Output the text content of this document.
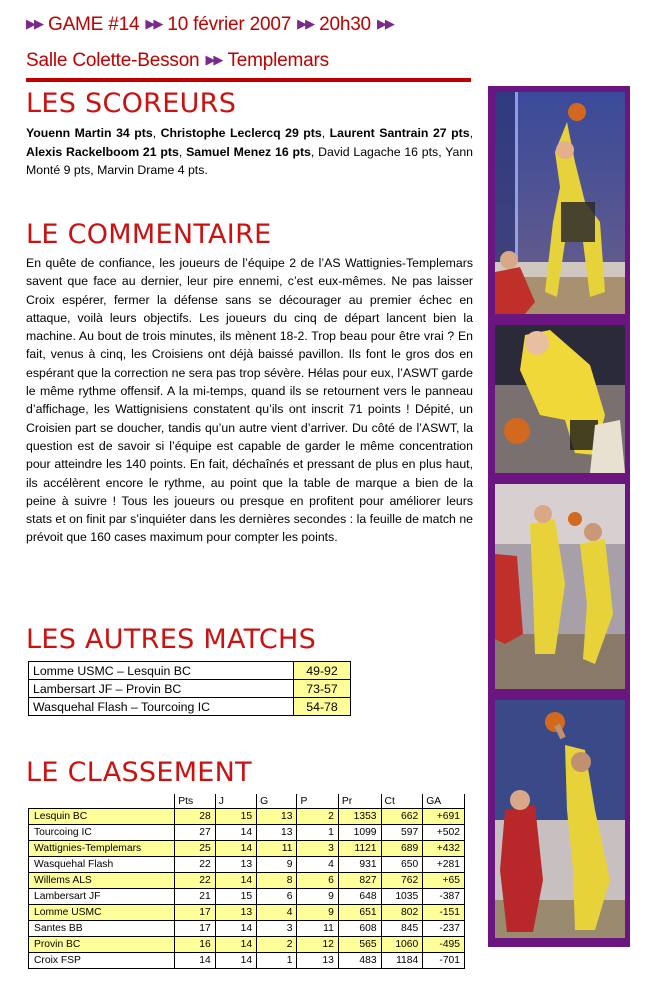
▶▶ GAME #14 ▶▶ 10 février 2007 ▶▶ 20h30 ▶▶
Salle Colette-Besson ▶▶ Templemars
LES SCOREURS
Youenn Martin 34 pts, Christophe Leclercq 29 pts, Laurent Santrain 27 pts, Alexis Rackelboom 21 pts, Samuel Menez 16 pts, David Lagache 16 pts, Yann Monté 9 pts, Marvin Drame 4 pts.
LE COMMENTAIRE
En quête de confiance, les joueurs de l’équipe 2 de l’AS Wattignies-Templemars savent que face au dernier, leur pire ennemi, c’est eux-mêmes. Ne pas laisser Croix espérer, fermer la défense sans se décourager au premier échec en attaque, voilà leurs objectifs. Les joueurs du cinq de départ lancent bien la machine. Au bout de trois minutes, ils mènent 18-2. Trop beau pour être vrai ? En fait, venus à cinq, les Croisiens ont déjà baissé pavillon. Ils font le gros dos en espérant que la correction ne sera pas trop sévère. Hélas pour eux, l’ASWT garde le même rythme offensif. A la mi-temps, quand ils se retournent vers le panneau d’affichage, les Wattignisiens constatent qu’ils ont inscrit 71 points ! Dépité, un Croisien part se doucher, tandis qu’un autre vient d’arriver. Du côté de l’ASWT, la question est de savoir si l’équipe est capable de garder le même concentration pour atteindre les 140 points. En fait, déchaînés et pressant de plus en plus haut, ils accélèrent encore le rythme, au point que la table de marque a bien de la peine à suivre ! Tous les joueurs ou presque en profitent pour améliorer leurs stats et on finit par s’inquiéter dans les dernières secondes : la feuille de match ne prévoit que 160 cases maximum pour compter les points.
LES AUTRES MATCHS
Lomme USMC – Lesquin BC	49-92
Lambersart JF – Provin BC	73-57
Wasquehal Flash – Tourcoing IC	54-78
LE CLASSEMENT
	Pts	J	G	P	Pr	Ct	GA
Lesquin BC	28	15	13	2	1353	662	+691
Tourcoing IC	27	14	13	1	1099	597	+502
Wattignies-Templemars	25	14	11	3	1121	689	+432
Wasquehal Flash	22	13	9	4	931	650	+281
Willems ALS	22	14	8	6	827	762	+65
Lambersart JF	21	15	6	9	648	1035	-387
Lomme USMC	17	13	4	9	651	802	-151
Santes BB	17	14	3	11	608	845	-237
Provin BC	16	14	2	12	565	1060	-495
Croix FSP	14	14	1	13	483	1184	-701
